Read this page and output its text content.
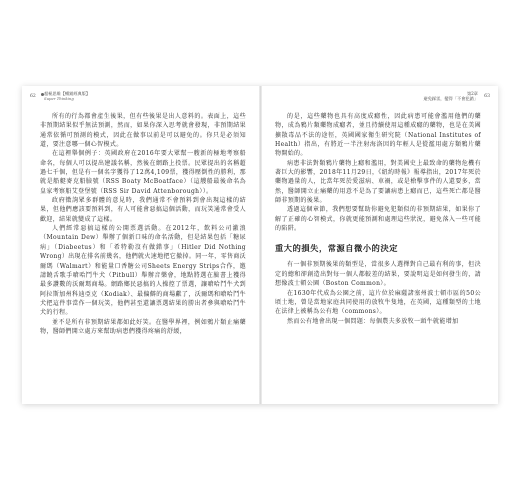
62
超極思維【暢銷經典版】
Super Thinking

所有的行為都會產生後果，但有些後果是出人意料的。表面上，這些非預期結果似乎無法預測，然而，如果你深入思考就會發現，非預期結果通常依循可預測的模式，因此在做事以前是可以避免的。你只是必須知道，要注意哪一個心智模式。

在這裡舉個例子：英國政府在2016年要大眾幫一艘新的極地考察船命名，每個人可以提出建議名稱，然後在網路上投票。民眾提出的名稱超過七千個，但是有一個名字獲得了12萬4,109票，獲得壓倒性的勝利，那就是船艇麥克船臉號（RSS Boaty McBoatface）（這艘船最後命名為皇家考察船艾登堡號（RSS Sir David Attenborough））。

政府徵詢眾多群體的意見時，我們通常不會預料到會出現這樣的結果，但他們應該要預料到，有人可能會惡搞這個活動，而玩笑通常會受人歡迎，結果就變成了這樣。

人們經常惡搞這樣的公開票選活動。在2012年，飲料公司激浪（Mountain Dew）舉辦了個新口味的命名活動，但是結果包括「糖尿病」（Diabeetus）和「希特勒沒有做錯事」（Hitler Did Nothing Wrong）出現在排名前幾名，他們就火速地把它撤掉。同一年，零售商沃爾瑪（Walmart）和能量口香糖公司Sheets Energy Strips合作，邀請饒舌歌手嗆哈鬥牛犬（Pitbull）舉辦音樂會，地點將選在臉書上獲得最多讚數的沃爾瑪商場。網路鄉民惡搞的人操控了票選，讓嗆哈鬥牛犬到阿拉斯加州科迪亞克（Kodiak）、最偏僻的商場獻了，沃爾瑪和嗆哈鬥牛犬把這件事當作一個玩笑，他們甚至還讓票選結果的勝出者參與嗆哈鬥牛犬的行程。

並不是所有非預期結果都如此好笑。在醫學界裡，例如鴉片類止痛藥物，醫師們開立處方來幫助病患們獲得疼痛的舒緩，

第2章
避免踩雷，變得「不會犯錯」 63

的是，這些藥物也具有高度成癮性，因此病患可能會濫用他們的藥物，成為鴉片類藥物成癮者，並且持續使用這種成癮的藥物，也是在美國擴散毒品不法的途徑，英國國家衛生研究院（National Institutes of Health）指出，有將近一半注射海洛因的年輕人是從濫用處方類鴉片藥物開始的。

病患非法對類鴉片藥物上癮和濫用，對美國史上最致命的藥物危機有著巨大的影響，2018年11月29日，《紐約時報》報導指出，2017年死於藥物過量的人，比當年死於愛滋病、車禍，或是槍擊事件的人還要多，當然，醫師開立止痛藥的用意不是為了要讓病患上癮而已，這些死亡都是醫師非預期的後果。

透過這個章節，我們想要幫助你避免犯類似的非預期結果，如果你了解了正確的心智模式，你就更能預測和處理這些狀況，避免落入一些可能的陷阱。

重大的損失，常源自微小的決定

有一個非預期後果的類型是，當很多人選擇對自己最有利的事，但決定的總和卻創造出對每一個人都較差的結果，要說明這是如何發生的，請想像波士頓公園（Boston Common）。

在1630年代成為公園之前，這片位於麻薩諸塞州波士頓市區的50公頃土地，曾是當地家庭共同使用的放牧牛隻地，在英國，這種類型的土地在法律上被稱為公有地（commons）。

然而公有地會出現一個問題：每個農夫多放牧一頭牛就能增加
